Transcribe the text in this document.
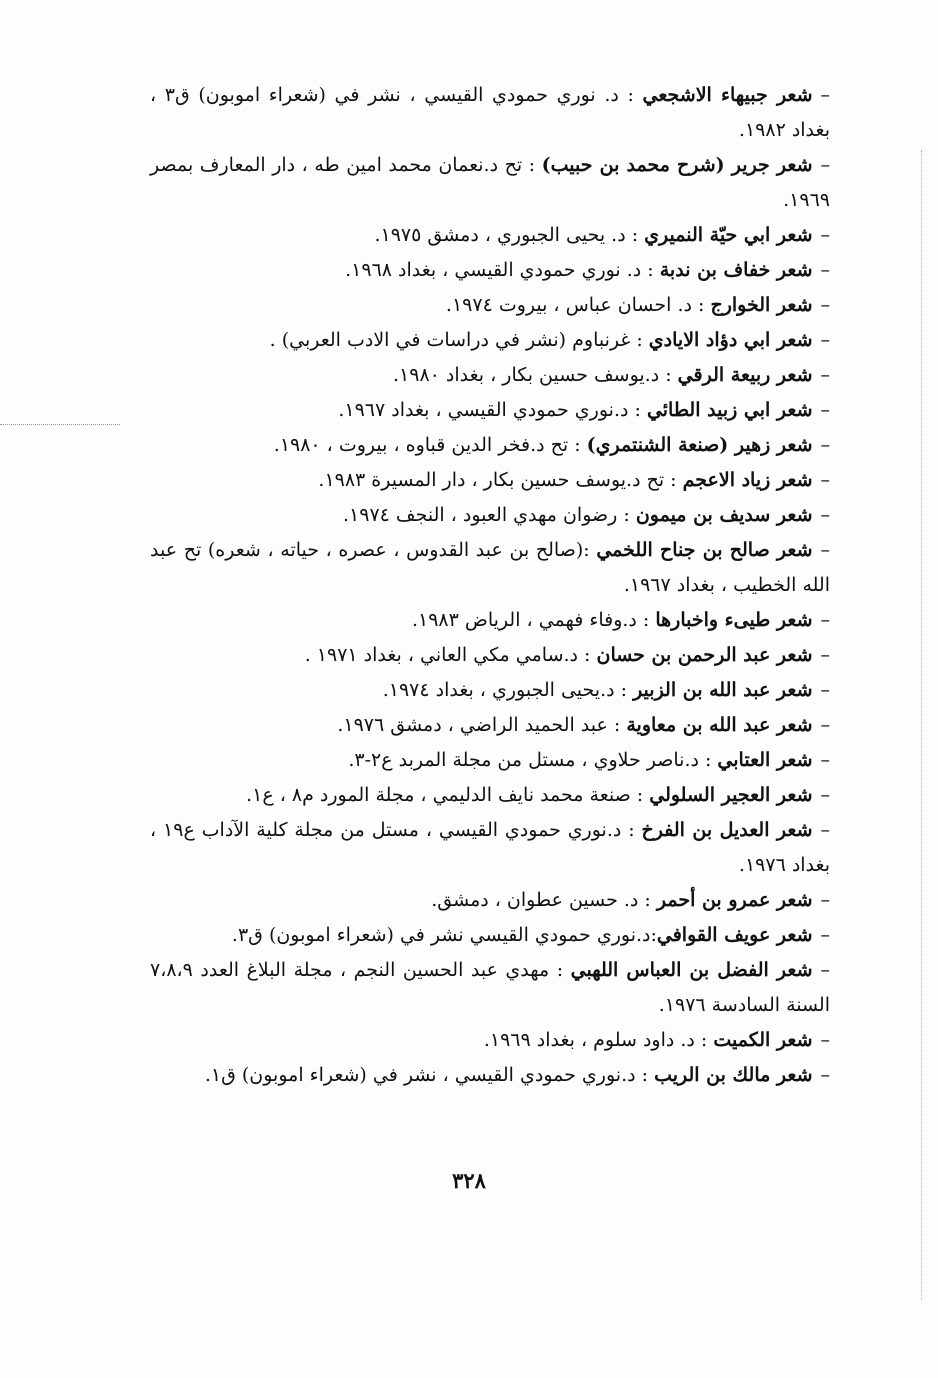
–شعر جبيهاء الاشجعي : د. نوري حمودي القيسي ، نشر في (شعراء اموبون) ق٣ ، بغداد ١٩٨٢.

–شعر جرير (شرح محمد بن حبيب) : تح د.نعمان محمد امين طه ، دار المعارف بمصر ١٩٦٩.

–شعر ابي حيّة النميري : د. يحيى الجبوري ، دمشق ١٩٧٥.

–شعر خفاف بن ندبة : د. نوري حمودي القيسي ، بغداد ١٩٦٨.

–شعر الخوارج : د. احسان عباس ، بيروت ١٩٧٤.

–شعر ابي دؤاد الايادي : غرنباوم (نشر في دراسات في الادب العربي) .

–شعر ربيعة الرقي : د.يوسف حسين بكار ، بغداد ١٩٨٠.

–شعر ابي زبيد الطائي : د.نوري حمودي القيسي ، بغداد ١٩٦٧.

–شعر زهير (صنعة الشنتمري) : تح د.فخر الدين قباوه ، بيروت ، ١٩٨٠.

–شعر زياد الاعجم : تح د.يوسف حسين بكار ، دار المسيرة ١٩٨٣.

–شعر سديف بن ميمون : رضوان مهدي العبود ، النجف ١٩٧٤.

–شعر صالح بن جناح اللخمي :(صالح بن عبد القدوس ، عصره ، حياته ، شعره) تح عبد الله الخطيب ، بغداد ١٩٦٧.

–شعر طيىء واخبارها : د.وفاء فهمي ، الرياض ١٩٨٣.

–شعر عبد الرحمن بن حسان : د.سامي مكي العاني ، بغداد ١٩٧١ .

–شعر عبد الله بن الزبير : د.يحيى الجبوري ، بغداد ١٩٧٤.

–شعر عبد الله بن معاوية : عبد الحميد الراضي ، دمشق ١٩٧٦.

–شعر العتابي : د.ناصر حلاوي ، مستل من مجلة المربد ع٢-٣.

–شعر العجير السلولي : صنعة محمد نايف الدليمي ، مجلة المورد م٨ ، ع١.

–شعر العديل بن الفرخ : د.نوري حمودي القيسي ، مستل من مجلة كلية الآداب ع١٩ ، بغداد ١٩٧٦.

–شعر عمرو بن أحمر : د. حسين عطوان ، دمشق.

–شعر عويف القوافي:د.نوري حمودي القيسي نشر في (شعراء اموبون) ق٣.

–شعر الفضل بن العباس اللهبي : مهدي عبد الحسين النجم ، مجلة البلاغ العدد ٧،٨،٩ السنة السادسة ١٩٧٦.

–شعر الكميت : د. داود سلوم ، بغداد ١٩٦٩.

–شعر مالك بن الريب : د.نوري حمودي القيسي ، نشر في (شعراء اموبون) ق١.

٣٢٨
